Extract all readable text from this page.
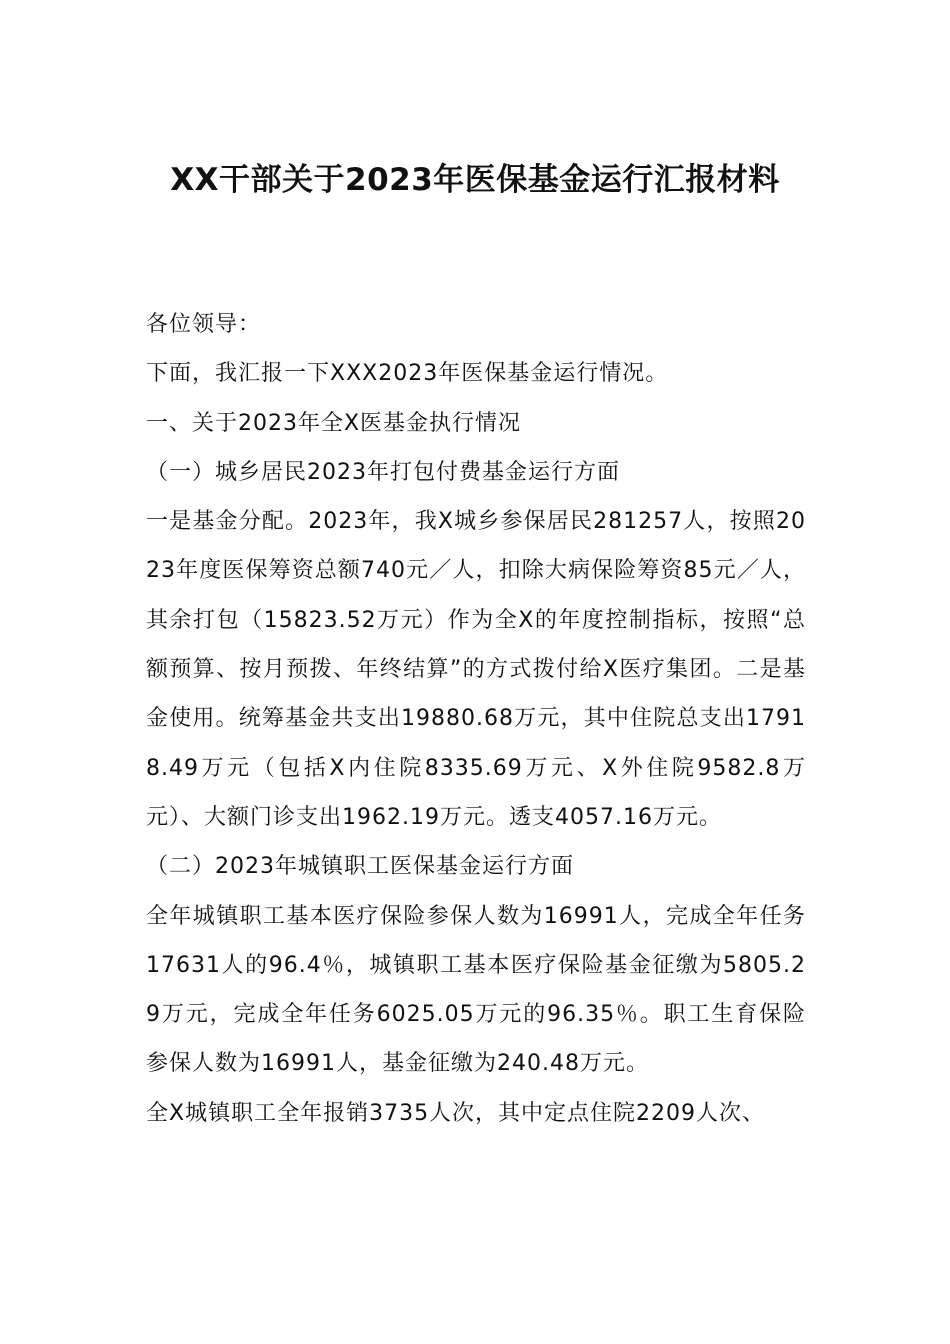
XX干部关于2023年医保基金运行汇报材料

各位领导：

下面，我汇报一下XXX2023年医保基金运行情况。

一、关于2023年全X医基金执行情况

（一）城乡居民2023年打包付费基金运行方面

一是基金分配。2023年，我X城乡参保居民281257人，按照2023年度医保筹资总额740元／人，扣除大病保险筹资85元／人，其余打包（15823.52万元）作为全X的年度控制指标，按照“总额预算、按月预拨、年终结算”的方式拨付给X医疗集团。二是基金使用。统筹基金共支出19880.68万元，其中住院总支出17918.49万元（包括X内住院8335.69万元、X外住院9582.8万元）、大额门诊支出1962.19万元。透支4057.16万元。

（二）2023年城镇职工医保基金运行方面

全年城镇职工基本医疗保险参保人数为16991人，完成全年任务17631人的96.4％，城镇职工基本医疗保险基金征缴为5805.29万元，完成全年任务6025.05万元的96.35％。职工生育保险参保人数为16991人，基金征缴为240.48万元。

全X城镇职工全年报销3735人次，其中定点住院2209人次、
